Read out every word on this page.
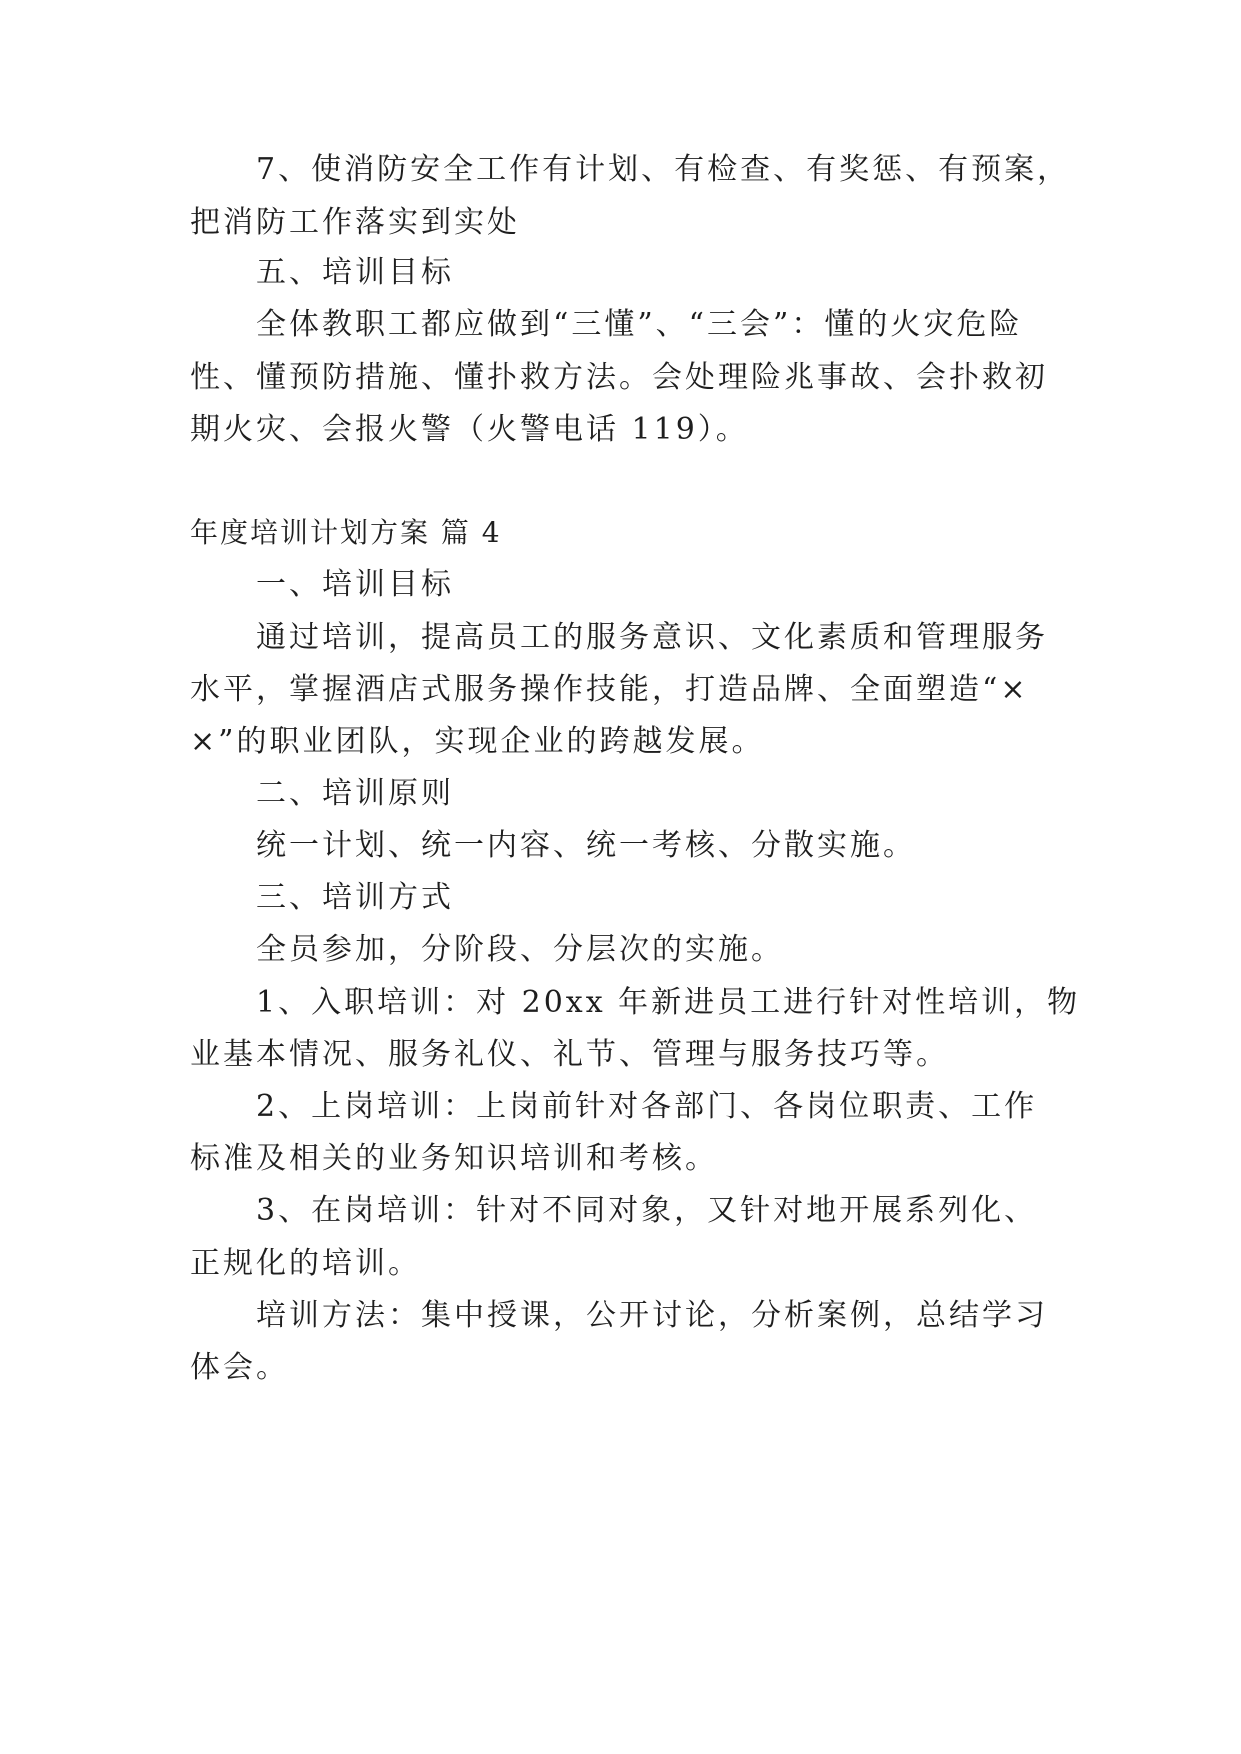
7、使消防安全工作有计划、有检查、有奖惩、有预案，
把消防工作落实到实处
五、培训目标
全体教职工都应做到“三懂”、“三会”：懂的火灾危险
性、懂预防措施、懂扑救方法。会处理险兆事故、会扑救初
期火灾、会报火警（火警电话 119）。
年度培训计划方案 篇 4
一、培训目标
通过培训，提高员工的服务意识、文化素质和管理服务
水平，掌握酒店式服务操作技能，打造品牌、全面塑造“×
×”的职业团队，实现企业的跨越发展。
二、培训原则
统一计划、统一内容、统一考核、分散实施。
三、培训方式
全员参加，分阶段、分层次的实施。
1、入职培训：对 20xx 年新进员工进行针对性培训，物
业基本情况、服务礼仪、礼节、管理与服务技巧等。
2、上岗培训：上岗前针对各部门、各岗位职责、工作
标准及相关的业务知识培训和考核。
3、在岗培训：针对不同对象，又针对地开展系列化、
正规化的培训。
培训方法：集中授课，公开讨论，分析案例，总结学习
体会。
